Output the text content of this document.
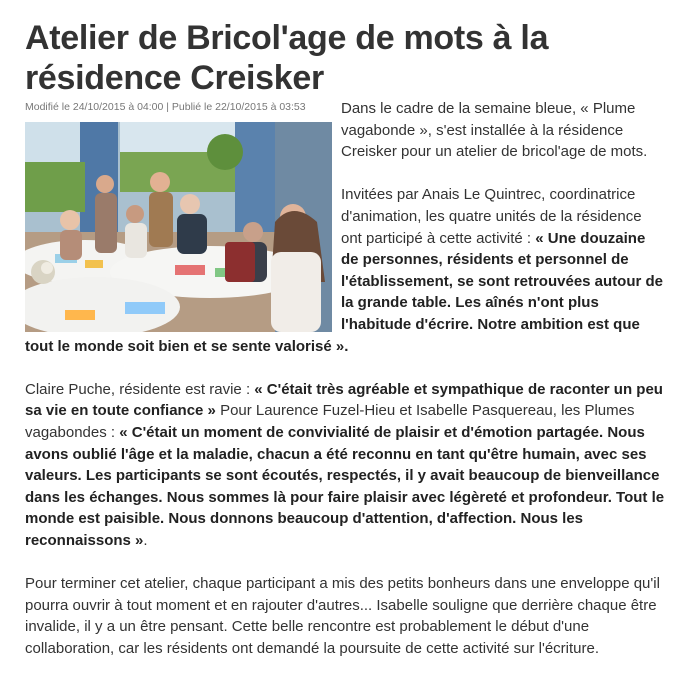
Atelier de Bricol'age de mots à la résidence Creisker
Modifié le 24/10/2015 à 04:00 | Publié le 22/10/2015 à 03:53	Dans le cadre de la semaine bleue, « Plume vagabonde », s'est installée à la résidence Creisker pour un atelier de bricol'age de mots.

Invitées par Anais Le Quintrec, coordinatrice d'animation, les quatre unités de la résidence ont participé à cette activité : « Une douzaine de personnes, résidents et personnel de l'établissement, se sont retrouvées autour de la grande table. Les aînés n'ont plus l'habitude d'écrire. Notre ambition est que tout le monde soit bien et se sente valorisé ».

Claire Puche, résidente est ravie : « C'était très agréable et sympathique de raconter un peu sa vie en toute confiance » Pour Laurence Fuzel-Hieu et Isabelle Pasquereau, les Plumes vagabondes : « C'était un moment de convivialité de plaisir et d'émotion partagée. Nous avons oublié l'âge et la maladie, chacun a été reconnu en tant qu'être humain, avec ses valeurs. Les participants se sont écoutés, respectés, il y avait beaucoup de bienveillance dans les échanges. Nous sommes là pour faire plaisir avec légèreté et profondeur. Tout le monde est paisible. Nous donnons beaucoup d'attention, d'affection. Nous les reconnaissons ».

Pour terminer cet atelier, chaque participant a mis des petits bonheurs dans une enveloppe qu'il pourra ouvrir à tout moment et en rajouter d'autres... Isabelle souligne que derrière chaque être invalide, il y a un être pensant. Cette belle rencontre est probablement le début d'une collaboration, car les résidents ont demandé la poursuite de cette activité sur l'écriture.
